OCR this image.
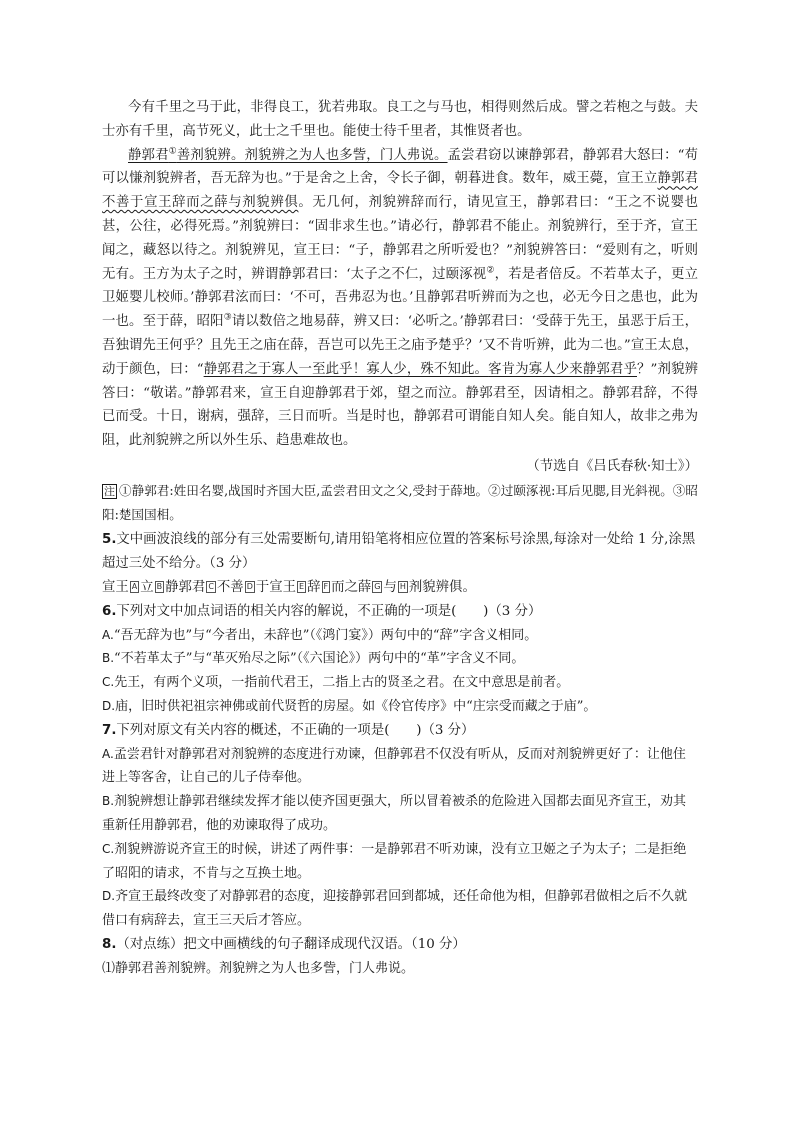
今有千里之马于此，非得良工，犹若弗取。良工之与马也，相得则然后成。譬之若枹之与鼓。夫士亦有千里，高节死义，此士之千里也。能使士待千里者，其惟贤者也。

静郭君①善剂貌辨。剂貌辨之为人也多訾，门人弗说。孟尝君窃以谏静郭君，静郭君大怒曰：“苟可以慊剂貌辨者，吾无辞为也。”于是舍之上舍，令长子御，朝暮进食。数年，威王薨，宣王立静郭君不善于宣王辞而之薛与剂貌辨俱。无几何，剂貌辨辞而行，请见宣王，静郭君曰：“王之不说婴也甚，公往，必得死焉。”剂貌辨曰：“固非求生也。”请必行，静郭君不能止。剂貌辨行，至于齐，宣王闻之，藏怒以待之。剂貌辨见，宣王曰：“子，静郭君之所听爱也？”剂貌辨答曰：“爱则有之，听则无有。王方为太子之时，辨谓静郭君曰：‘太子之不仁，过颐涿视②，若是者倍反。不若革太子，更立卫姬婴儿校师。’静郭君泫而曰：‘不可，吾弗忍为也。’且静郭君听辨而为之也，必无今日之患也，此为一也。至于薛，昭阳③请以数倍之地易薛，辨又曰：‘必听之。’静郭君曰：‘受薛于先王，虽恶于后王，吾独谓先王何乎？且先王之庙在薛，吾岂可以先王之庙予楚乎？’又不肯听辨，此为二也。”宣王太息，动于颜色，曰：“静郭君之于寡人一至此乎！寡人少，殊不知此。客肯为寡人少来静郭君乎？”剂貌辨答曰：“敬诺。”静郭君来，宣王自迎静郭君于郊，望之而泣。静郭君至，因请相之。静郭君辞，不得已而受。十日，谢病，强辞，三日而听。当是时也，静郭君可谓能自知人矣。能自知人，故非之弗为阻，此剂貌辨之所以外生乐、趋患难故也。

（节选自《吕氏春秋·知士》）

注 ①静郭君:姓田名婴,战国时齐国大臣,孟尝君田文之父,受封于薛地。②过颐涿视:耳后见腮,目光斜视。③昭阳:楚国国相。

5.文中画波浪线的部分有三处需要断句,请用铅笔将相应位置的答案标号涂黑,每涂对一处给 1 分,涂黑超过三处不给分。（3 分）

宣王 A 立 B 静郭君 C 不善 D 于宣王 E 辞 F 而之薛 G 与 H 剂貌辨俱。

6.下列对文中加点词语的相关内容的解说，不正确的一项是(　　)（3 分）

A.“吾无辞为也”与“今者出，未辞也”（《鸿门宴》）两句中的“辞”字含义相同。

B.“不若革太子”与“革灭殆尽之际”（《六国论》）两句中的“革”字含义不同。

C.先王，有两个义项，一指前代君王，二指上古的贤圣之君。在文中意思是前者。

D.庙，旧时供祀祖宗神佛或前代贤哲的房屋。如《伶官传序》中“庄宗受而藏之于庙”。

7.下列对原文有关内容的概述，不正确的一项是(　　)（3 分）

A.孟尝君针对静郭君对剂貌辨的态度进行劝谏，但静郭君不仅没有听从，反而对剂貌辨更好了：让他住进上等客舍，让自己的儿子侍奉他。

B.剂貌辨想让静郭君继续发挥才能以使齐国更强大，所以冒着被杀的危险进入国都去面见齐宣王，劝其重新任用静郭君，他的劝谏取得了成功。

C.剂貌辨游说齐宣王的时候，讲述了两件事：一是静郭君不听劝谏，没有立卫姬之子为太子；二是拒绝了昭阳的请求，不肯与之互换土地。

D.齐宣王最终改变了对静郭君的态度，迎接静郭君回到都城，还任命他为相，但静郭君做相之后不久就借口有病辞去，宣王三天后才答应。

8.（对点练）把文中画横线的句子翻译成现代汉语。（10 分）

⑴静郭君善剂貌辨。剂貌辨之为人也多訾，门人弗说。
